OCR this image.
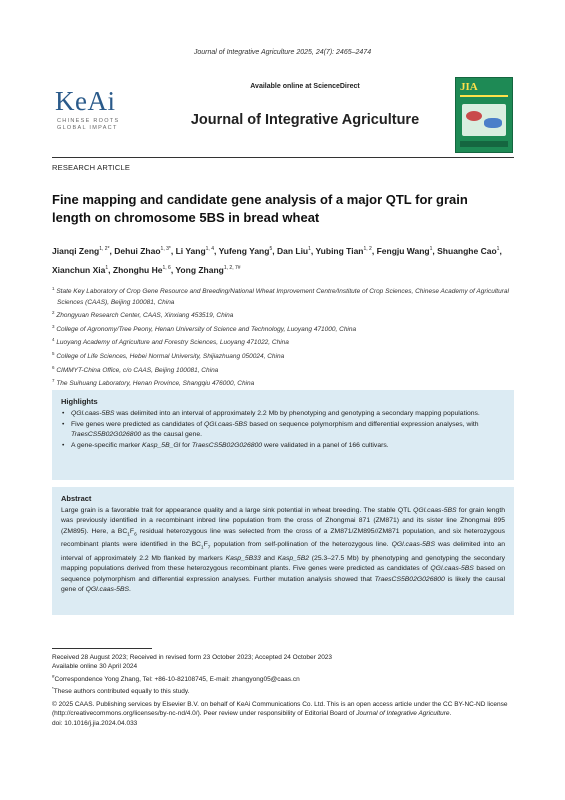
Journal of Integrative Agriculture 2025, 24(7): 2465–2474
KeAi
CHINESE ROOTS
GLOBAL IMPACT
Available online at ScienceDirect
Journal of Integrative Agriculture
JIA
RESEARCH ARTICLE
Fine mapping and candidate gene analysis of a major QTL for grain
length on chromosome 5BS in bread wheat
Jianqi Zeng$^{1, 2*}$, Dehui Zhao$^{1, 3*}$, Li Yang$^{1, 4}$, Yufeng Yang$^5$, Dan Liu$^1$, Yubing Tian$^{1, 2}$, Fengju Wang$^1$, Shuanghe Cao$^1$, Xianchun Xia$^1$, Zhonghu He$^{1, 6}$, Yong Zhang$^{1, 2, 7\#}$

$^1$ State Key Laboratory of Crop Gene Resource and Breeding/National Wheat Improvement Centre/Institute of Crop Sciences, Chinese Academy of Agricultural Sciences (CAAS), Beijing 100081, China

$^2$ Zhongyuan Research Center, CAAS, Xinxiang 453519, China

$^3$ College of Agronomy/Tree Peony, Henan University of Science and Technology, Luoyang 471000, China

$^4$ Luoyang Academy of Agriculture and Forestry Sciences, Luoyang 471022, China

$^5$ College of Life Sciences, Hebei Normal University, Shijiazhuang 050024, China

$^6$ CIMMYT-China Office, c/o CAAS, Beijing 100081, China

$^7$ The Suihuang Laboratory, Henan Province, Shangqiu 476000, China

Highlights
• QGl.caas-5BS was delimited into an interval of approximately 2.2 Mb by phenotyping and genotyping a secondary mapping populations.
• Five genes were predicted as candidates of QGl.caas-5BS based on sequence polymorphism and differential expression analyses, with TraesCS5B02G026800 as the causal gene.
• A gene-specific marker Kasp_5B_Gl for TraesCS5B02G026800 were validated in a panel of 166 cultivars.
Abstract

Large grain is a favorable trait for appearance quality and a large sink potential in wheat breeding. The stable QTL QGl.caas-5BS for grain length was previously identified in a recombinant inbred line population from the cross of Zhongmai 871 (ZM871) and its sister line Zhongmai 895 (ZM895). Here, a $BC_1F_6$ residual heterozygous line was selected from the cross of a ZM871/ZM895//ZM871 population, and six heterozygous recombinant plants were identified in the $BC_1F_7$ population from self-pollination of the heterozygous line. QGl.caas-5BS was delimited into an interval of approximately 2.2 Mb flanked by markers Kasp_5B33 and Kasp_5B2 (25.3–27.5 Mb) by phenotyping and genotyping the secondary mapping populations derived from these heterozygous recombinant plants. Five genes were predicted as candidates of QGl.caas-5BS based on sequence polymorphism and differential expression analyses. Further mutation analysis showed that TraesCS5B02G026800 is likely the causal gene of QGl.caas-5BS.

Received 28 August 2023; Received in revised form 23 October 2023; Accepted 24 October 2023

Available online 30 April 2024

#Correspondence Yong Zhang, Tel: +86-10-82108745, E-mail: zhangyong05@caas.cn

*These authors contributed equally to this study.

© 2025 CAAS. Publishing services by Elsevier B.V. on behalf of KeAi Communications Co. Ltd. This is an open access article under the CC BY-NC-ND license (http://creativecommons.org/licenses/by-nc-nd/4.0/). Peer review under responsibility of Editorial Board of Journal of Integrative Agriculture.

doi: 10.1016/j.jia.2024.04.033
